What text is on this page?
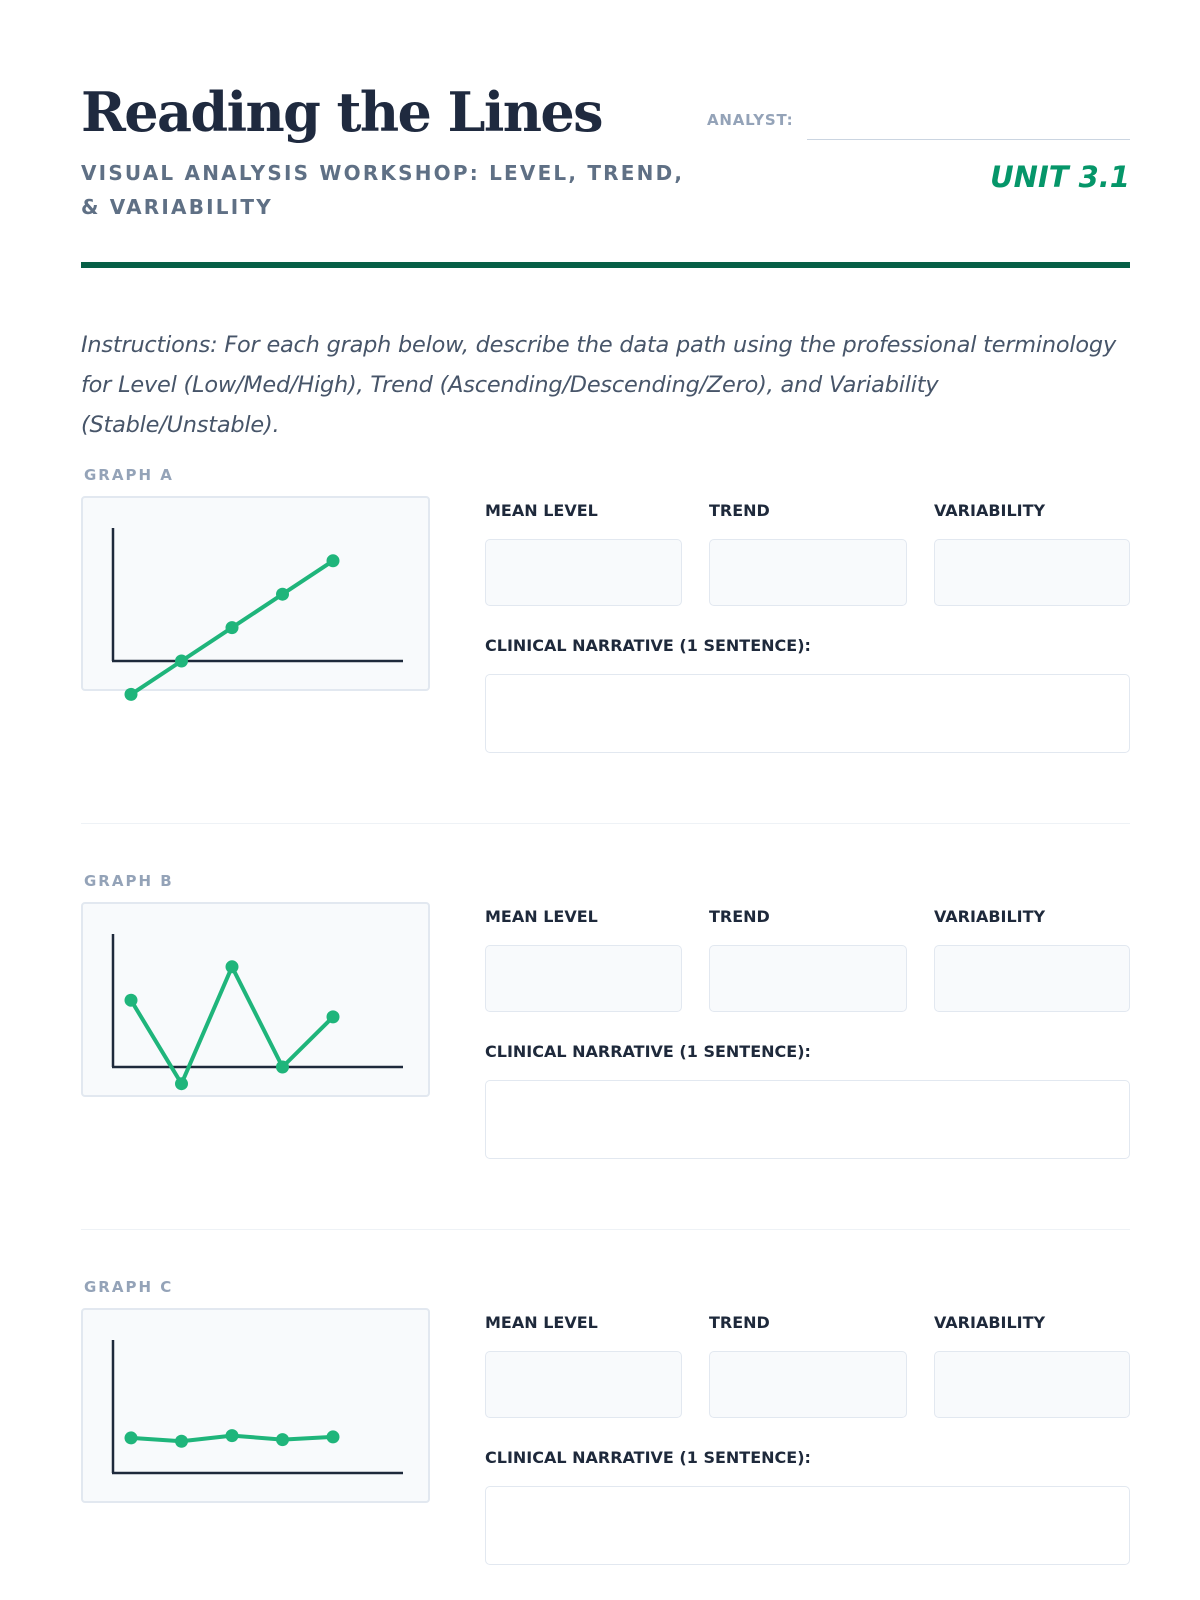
Reading the Lines
VISUAL ANALYSIS WORKSHOP: LEVEL, TREND, & VARIABILITY
ANALYST:
UNIT 3.1
Instructions: For each graph below, describe the data path using the professional terminology for Level (Low/Med/High), Trend (Ascending/Descending/Zero), and Variability (Stable/Unstable).
GRAPH A
MEAN LEVEL	TREND	VARIABILITY
CLINICAL NARRATIVE (1 SENTENCE):
GRAPH B
MEAN LEVEL	TREND	VARIABILITY
CLINICAL NARRATIVE (1 SENTENCE):
GRAPH C
MEAN LEVEL	TREND	VARIABILITY
CLINICAL NARRATIVE (1 SENTENCE):
